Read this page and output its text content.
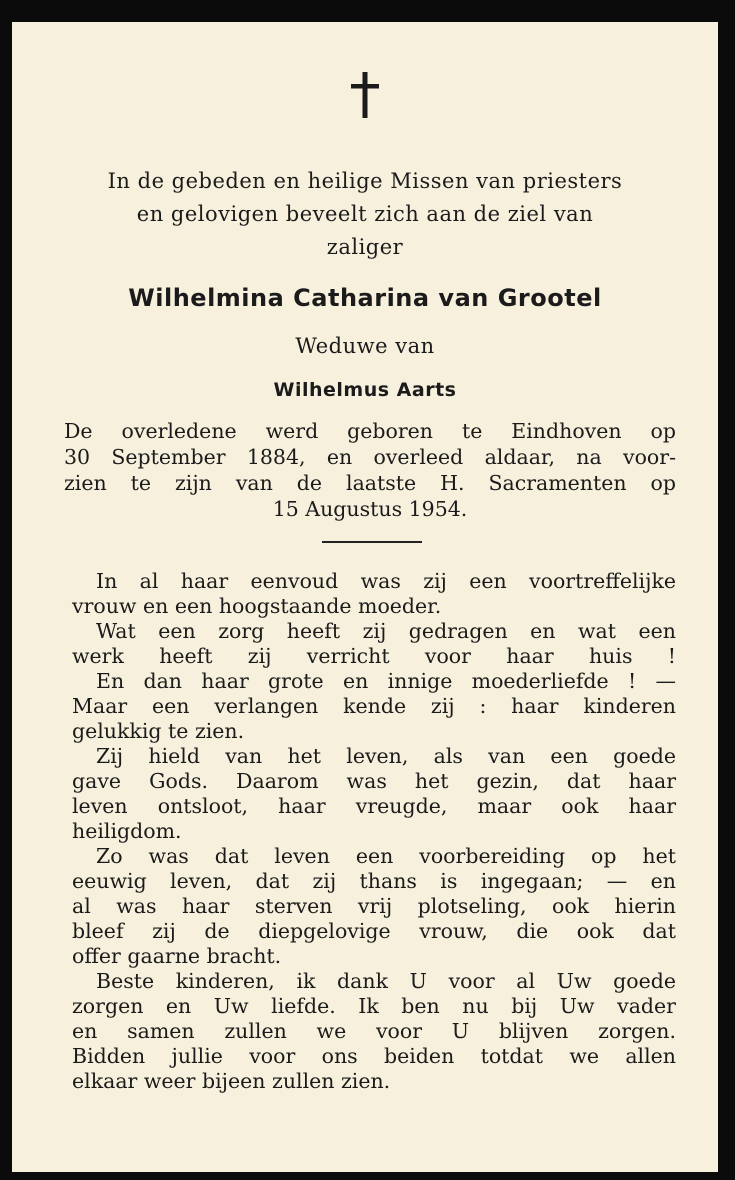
In de gebeden en heilige Missen van priesters
en gelovigen beveelt zich aan de ziel van
zaliger
Wilhelmina Catharina van Grootel
Weduwe van
Wilhelmus Aarts
De overledene werd geboren te Eindhoven op
30 September 1884, en overleed aldaar, na voor-
zien te zijn van de laatste H. Sacramenten op
15 Augustus 1954.
In al haar eenvoud was zij een voortreffelijke
vrouw en een hoogstaande moeder.
Wat een zorg heeft zij gedragen en wat een
werk heeft zij verricht voor haar huis !
En dan haar grote en innige moederliefde ! —
Maar een verlangen kende zij : haar kinderen
gelukkig te zien.
Zij hield van het leven, als van een goede
gave Gods. Daarom was het gezin, dat haar
leven ontsloot, haar vreugde, maar ook haar
heiligdom.
Zo was dat leven een voorbereiding op het
eeuwig leven, dat zij thans is ingegaan; — en
al was haar sterven vrij plotseling, ook hierin
bleef zij de diepgelovige vrouw, die ook dat
offer gaarne bracht.
Beste kinderen, ik dank U voor al Uw goede
zorgen en Uw liefde. Ik ben nu bij Uw vader
en samen zullen we voor U blijven zorgen.
Bidden jullie voor ons beiden totdat we allen
elkaar weer bijeen zullen zien.
